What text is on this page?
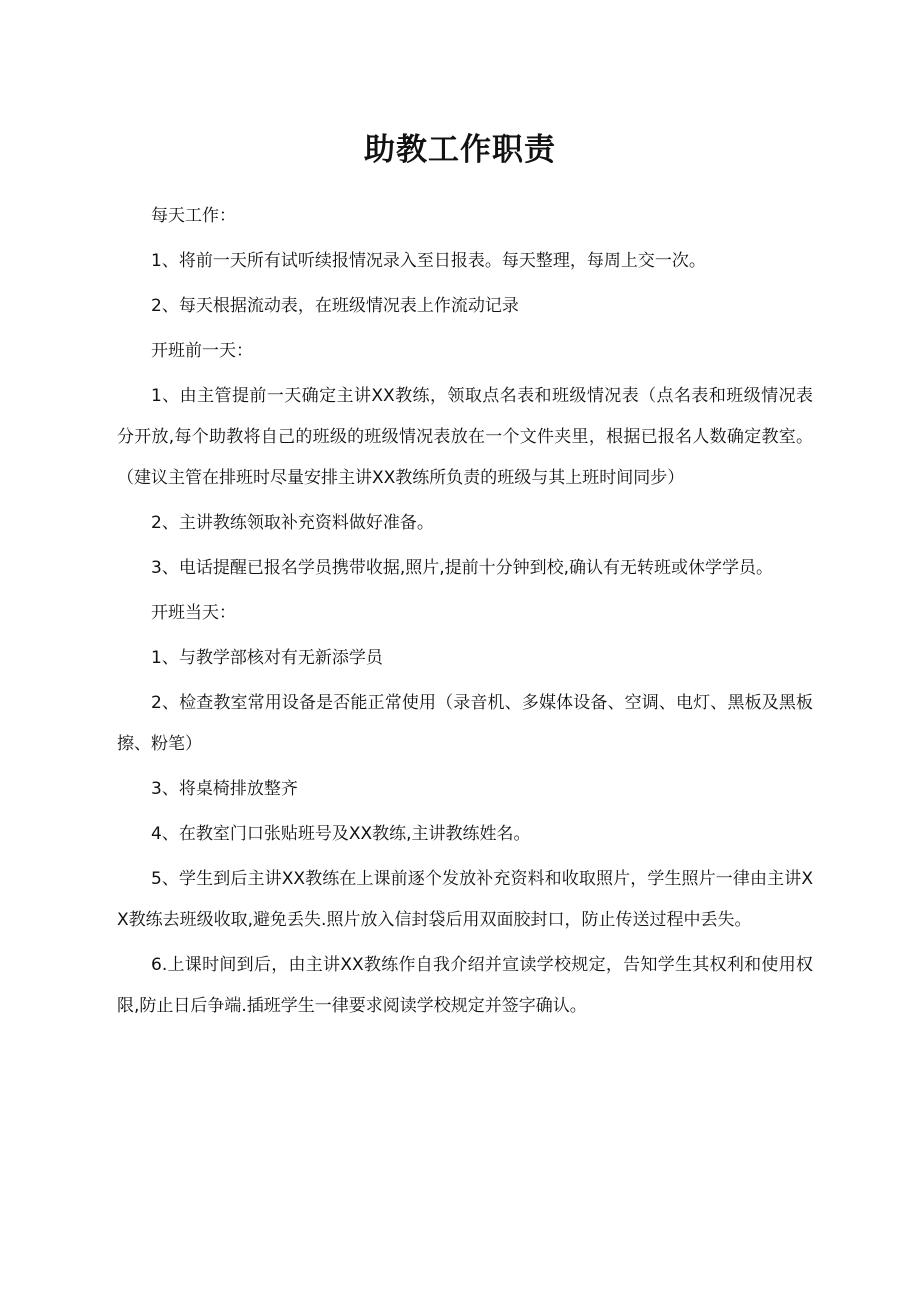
助教工作职责

每天工作：

1、将前一天所有试听续报情况录入至日报表。每天整理，每周上交一次。

2、每天根据流动表，在班级情况表上作流动记录

开班前一天：

1、由主管提前一天确定主讲XX教练，领取点名表和班级情况表（点名表和班级情况表分开放,每个助教将自己的班级的班级情况表放在一个文件夹里，根据已报名人数确定教室。（建议主管在排班时尽量安排主讲XX教练所负责的班级与其上班时间同步）

2、主讲教练领取补充资料做好准备。

3、电话提醒已报名学员携带收据,照片,提前十分钟到校,确认有无转班或休学学员。

开班当天：

1、与教学部核对有无新添学员

2、检查教室常用设备是否能正常使用（录音机、多媒体设备、空调、电灯、黑板及黑板擦、粉笔）

3、将桌椅排放整齐

4、在教室门口张贴班号及XX教练,主讲教练姓名。

5、学生到后主讲XX教练在上课前逐个发放补充资料和收取照片，学生照片一律由主讲XX教练去班级收取,避免丢失.照片放入信封袋后用双面胶封口，防止传送过程中丢失。

6.上课时间到后，由主讲XX教练作自我介绍并宣读学校规定，告知学生其权利和使用权限,防止日后争端.插班学生一律要求阅读学校规定并签字确认。
